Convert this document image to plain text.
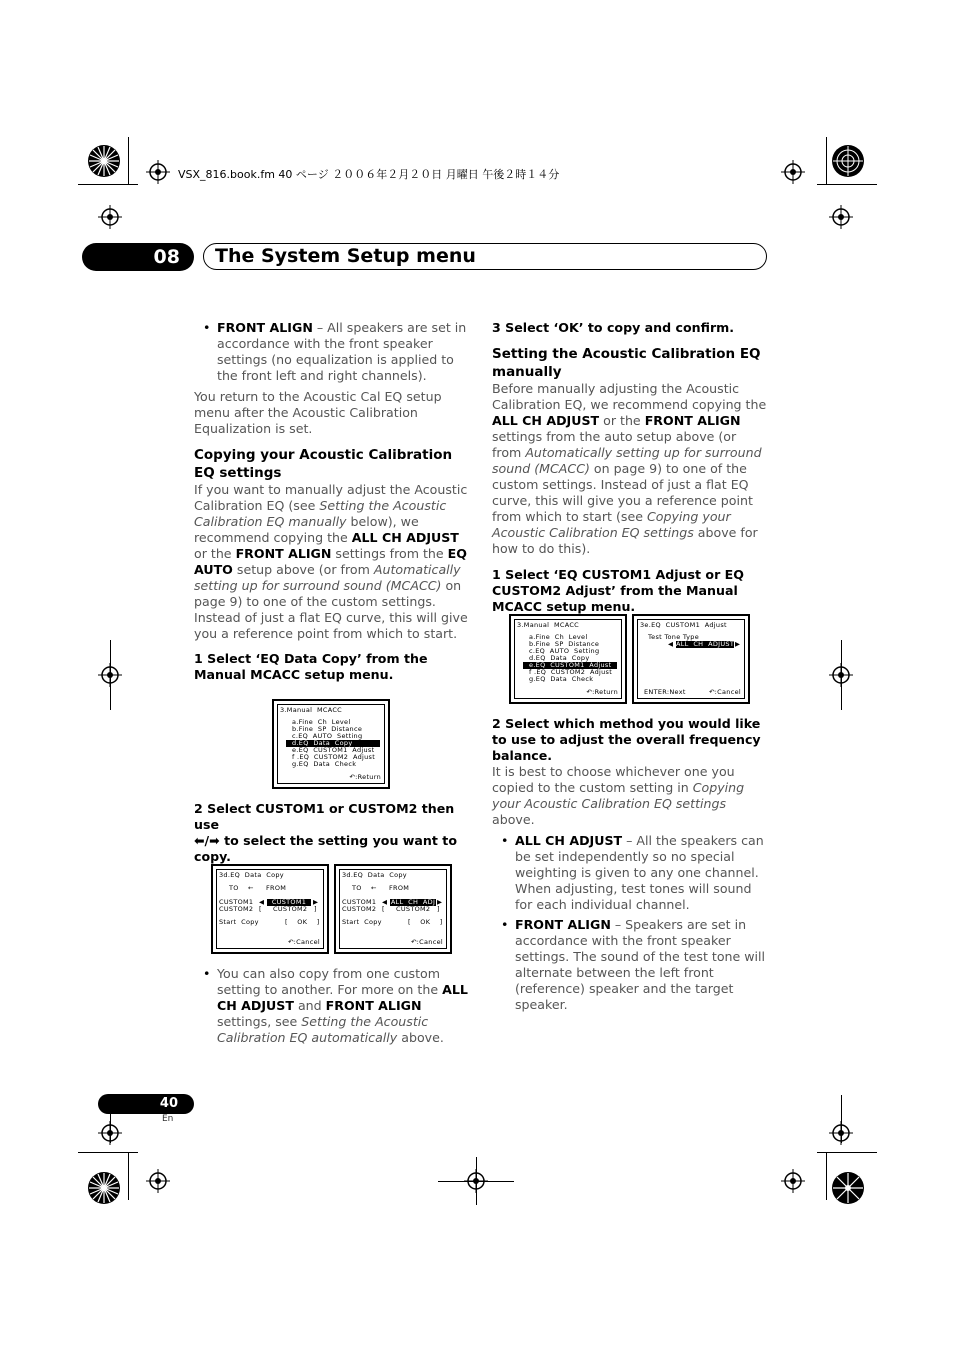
VSX_816.book.fm 40 ページ ２００６年２月２０日 月曜日 午後２時１４分
08	The System Setup menu

• FRONT ALIGN – All speakers are set in accordance with the front speaker settings (no equalization is applied to the front left and right channels).

You return to the Acoustic Cal EQ setup menu after the Acoustic Calibration Equalization is set.

Copying your Acoustic Calibration EQ settings

If you want to manually adjust the Acoustic Calibration EQ (see Setting the Acoustic Calibration EQ manually below), we recommend copying the ALL CH ADJUST or the FRONT ALIGN settings from the EQ AUTO setup above (or from Automatically setting up for surround sound (MCACC) on page 9) to one of the custom settings. Instead of just a flat EQ curve, this will give you a reference point from which to start.

1 Select ‘EQ Data Copy’ from the Manual MCACC setup menu.

3.Manual  MCACC
a.Fine  Ch  Level
b.Fine  SP  Distance
c.EQ  AUTO  Setting
d.EQ  Data  Copy
e.EQ  CUSTOM1  Adjust
f .EQ  CUSTOM2  Adjust
g.EQ  Data  Check
↶:Return

2 Select CUSTOM1 or CUSTOM2 then use
⬅/➡ to select the setting you want to copy.

3d.EQ  Data  Copy
TO ← FROM
CUSTOM1
CUSTOM2
◀	CUSTOM1	▶
[ CUSTOM2 ]
Start  Copy	[    OK    ]
↶:Cancel
3d.EQ  Data  Copy
TO ← FROM
CUSTOM1
CUSTOM2
◀ ALL  CH  ADJ ▶
[ CUSTOM2 ]
Start  Copy	[    OK    ]
↶:Cancel

• You can also copy from one custom setting to another. For more on the ALL CH ADJUST and FRONT ALIGN settings, see Setting the Acoustic Calibration EQ automatically above.

3 Select ‘OK’ to copy and confirm.

Setting the Acoustic Calibration EQ manually

Before manually adjusting the Acoustic Calibration EQ, we recommend copying the ALL CH ADJUST or the FRONT ALIGN settings from the auto setup above (or from Automatically setting up for surround sound (MCACC) on page 9) to one of the custom settings. Instead of just a flat EQ curve, this will give you a reference point from which to start (see Copying your Acoustic Calibration EQ settings above for how to do this).

1 Select ‘EQ CUSTOM1 Adjust or EQ CUSTOM2 Adjust’ from the Manual MCACC setup menu.

3.Manual  MCACC
a.Fine  Ch  Level
b.Fine  SP  Distance
c.EQ  AUTO  Setting
d.EQ  Data  Copy
e.EQ  CUSTOM1  Adjust
f .EQ  CUSTOM2  Adjust
g.EQ  Data  Check
↶:Return
3e.EQ  CUSTOM1  Adjust
Test Tone Type
◀ ALL  CH  ADJUST ▶
ENTER:Next	↶:Cancel

2 Select which method you would like to use to adjust the overall frequency balance.

It is best to choose whichever one you copied to the custom setting in Copying your Acoustic Calibration EQ settings above.

• ALL CH ADJUST – All the speakers can be set independently so no special weighting is given to any one channel. When adjusting, test tones will sound for each individual channel.

• FRONT ALIGN – Speakers are set in accordance with the front speaker settings. The sound of the test tone will alternate between the left front (reference) speaker and the target speaker.

40
En
